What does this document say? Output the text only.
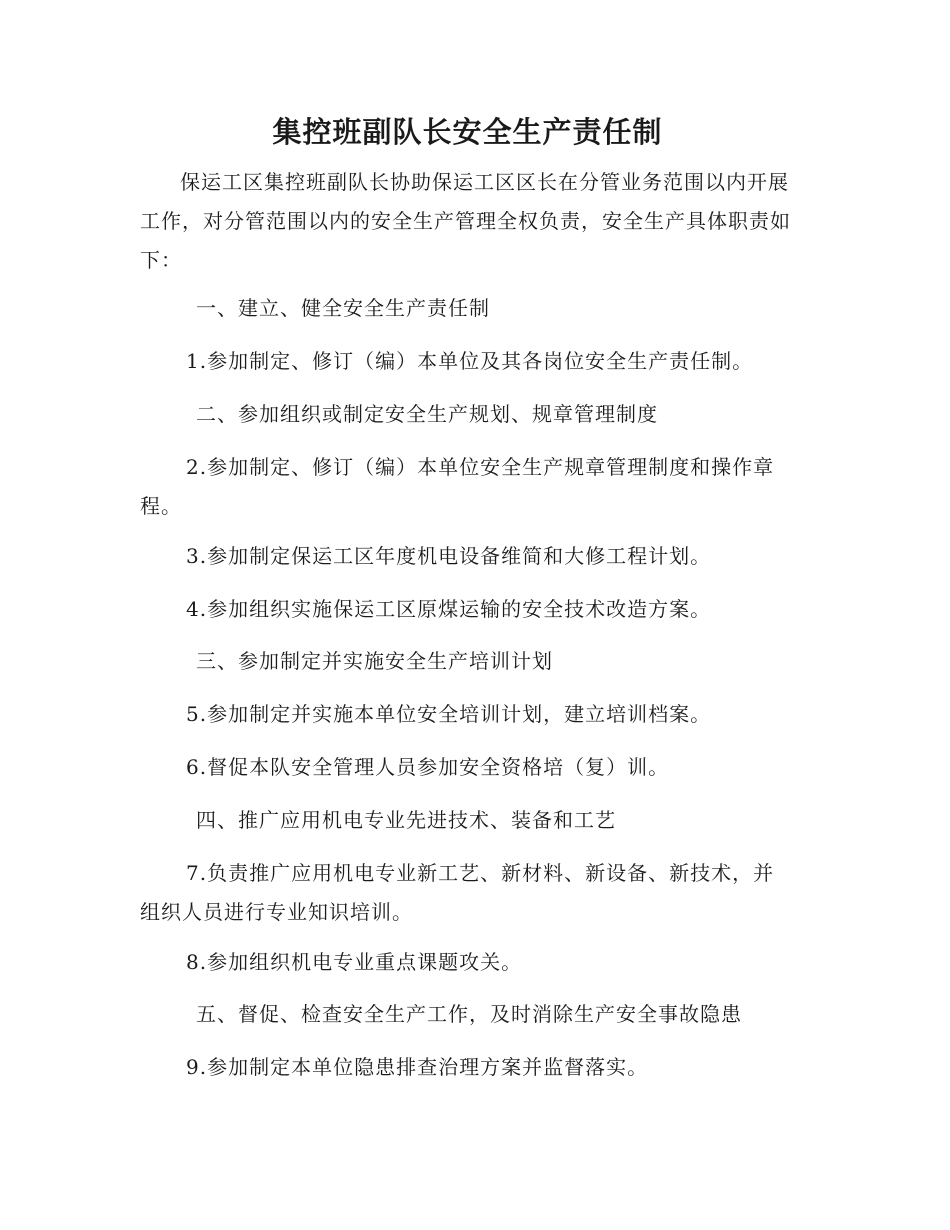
集控班副队长安全生产责任制

保运工区集控班副队长协助保运工区区长在分管业务范围以内开展工作，对分管范围以内的安全生产管理全权负责，安全生产具体职责如下：

一、建立、健全安全生产责任制

1.参加制定、修订（编）本单位及其各岗位安全生产责任制。

二、参加组织或制定安全生产规划、规章管理制度

2.参加制定、修订（编）本单位安全生产规章管理制度和操作章程。

3.参加制定保运工区年度机电设备维简和大修工程计划。

4.参加组织实施保运工区原煤运输的安全技术改造方案。

三、参加制定并实施安全生产培训计划

5.参加制定并实施本单位安全培训计划，建立培训档案。

6.督促本队安全管理人员参加安全资格培（复）训。

四、推广应用机电专业先进技术、装备和工艺

7.负责推广应用机电专业新工艺、新材料、新设备、新技术，并组织人员进行专业知识培训。

8.参加组织机电专业重点课题攻关。

五、督促、检查安全生产工作，及时消除生产安全事故隐患

9.参加制定本单位隐患排查治理方案并监督落实。
